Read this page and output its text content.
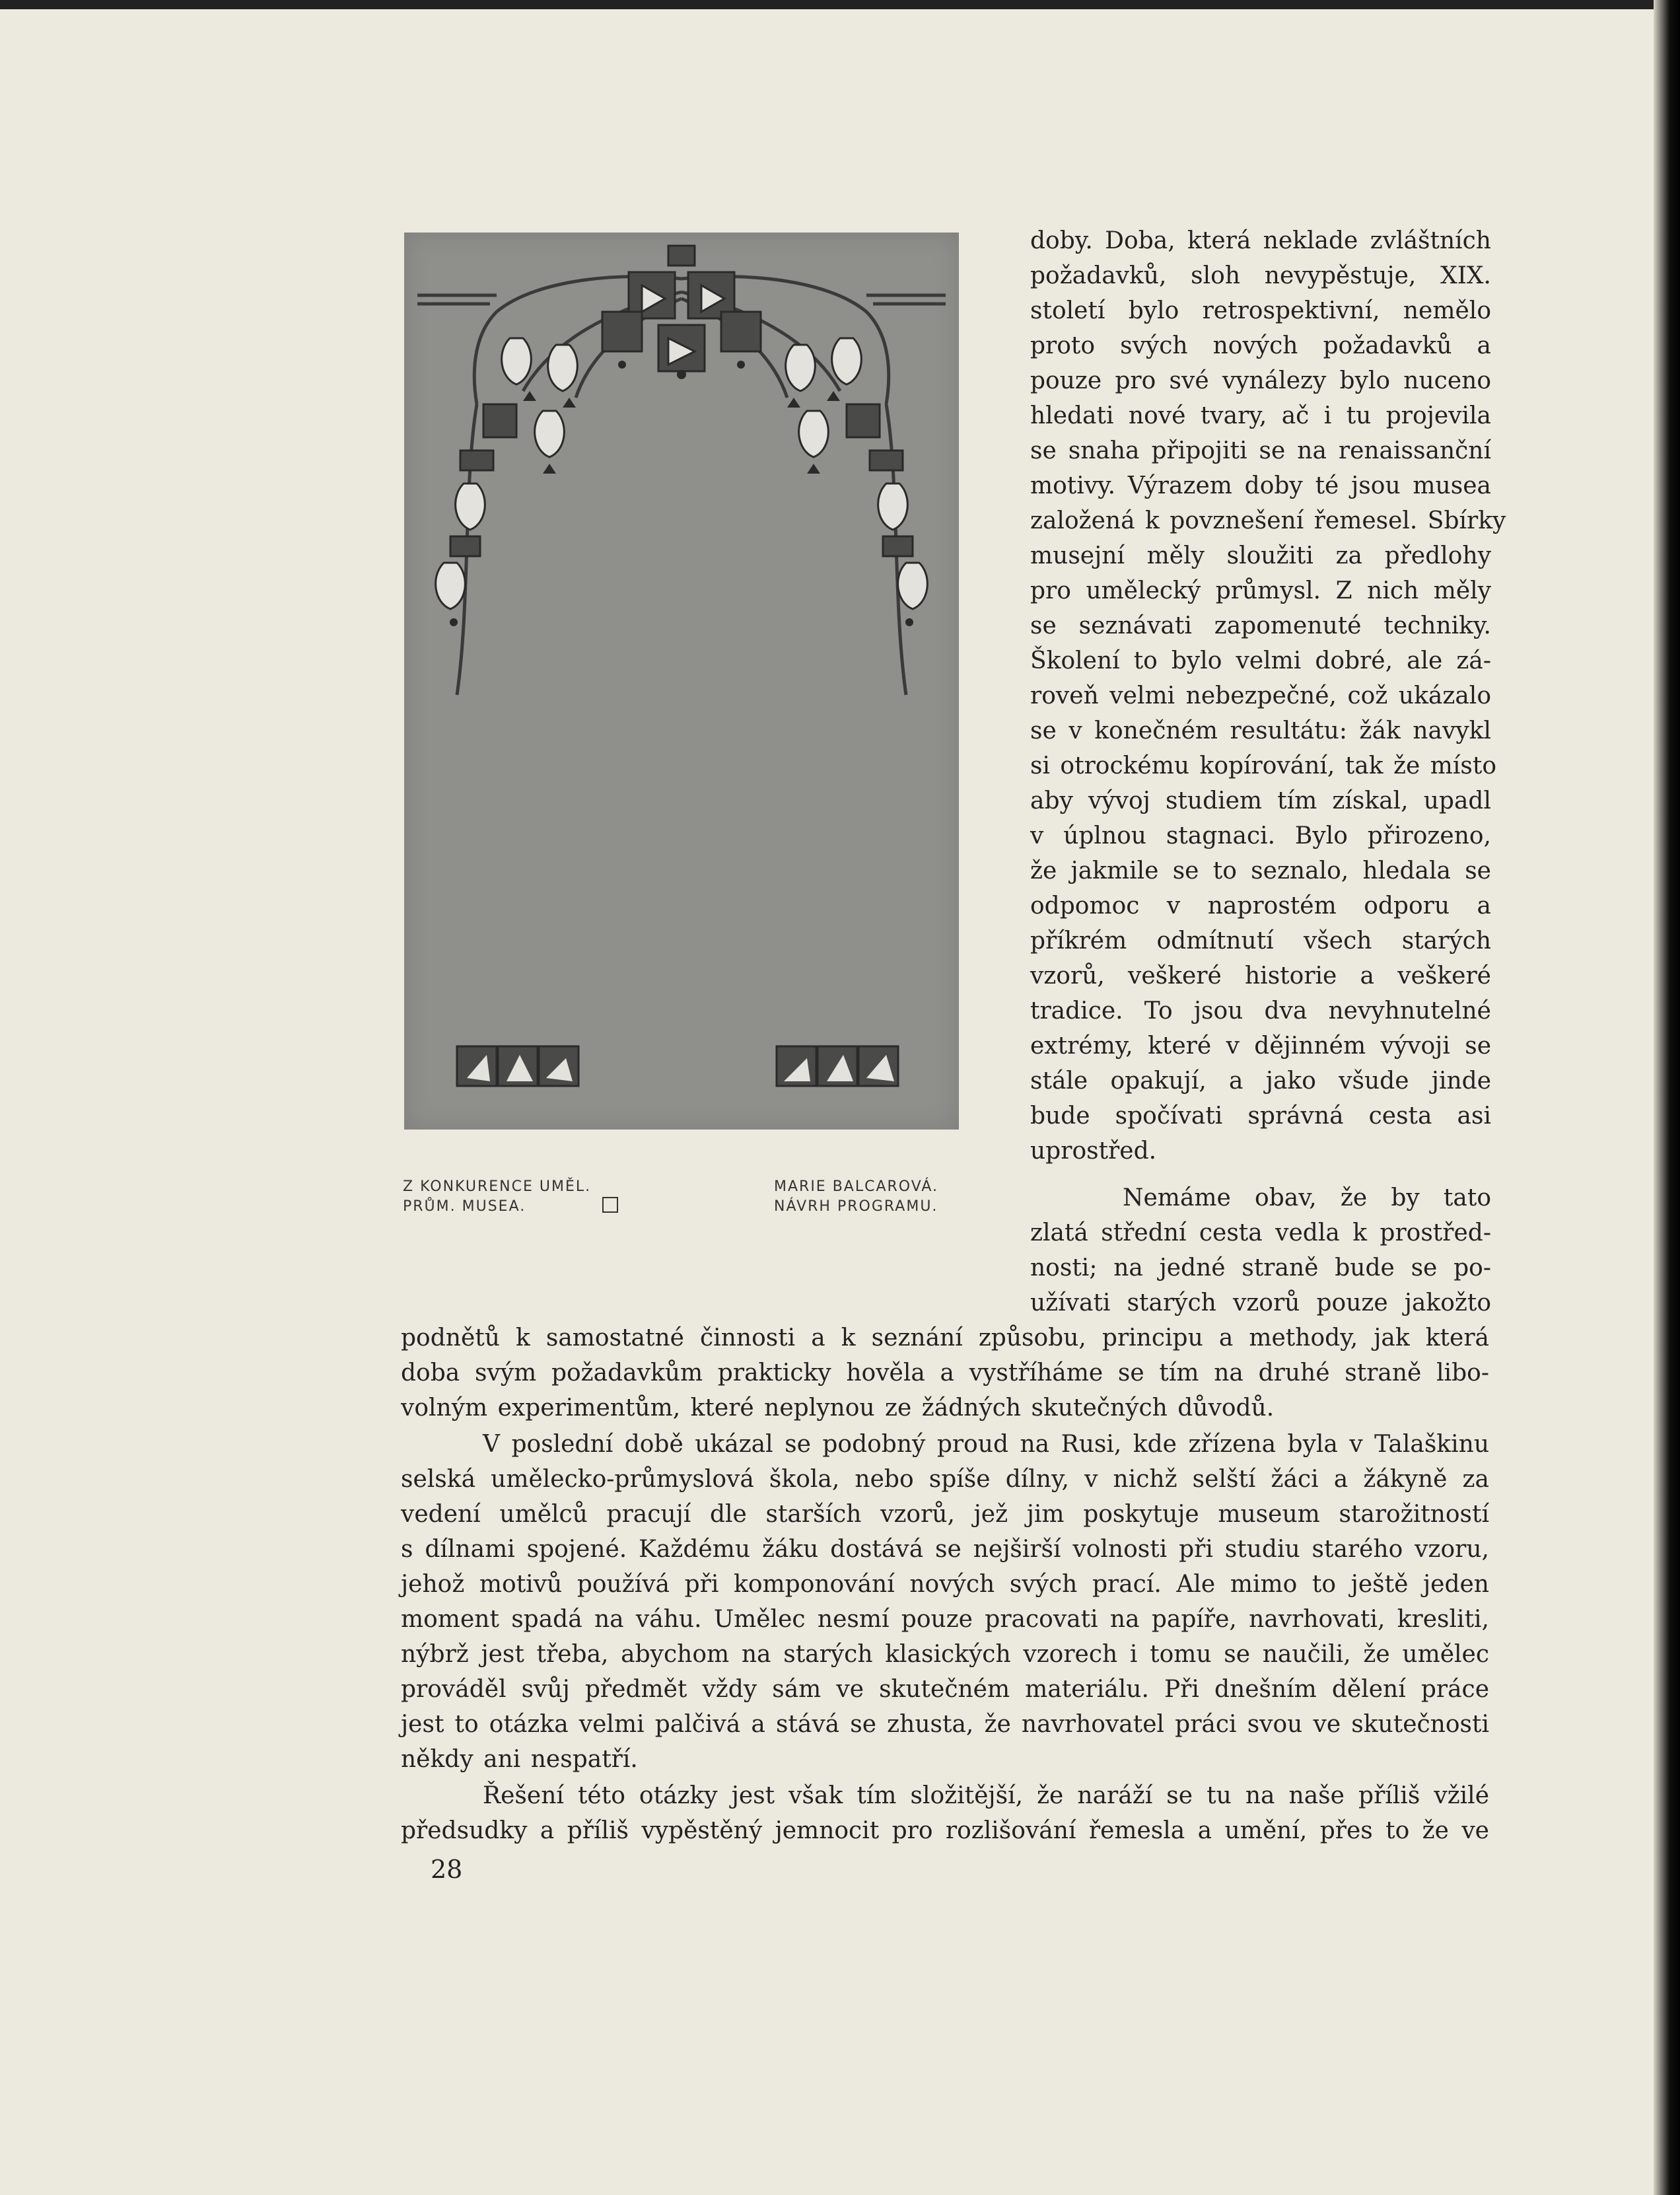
Z KONKURENCE UMĚL.
PRŮM. MUSEA.
MARIE BALCAROVÁ.
NÁVRH PROGRAMU.
doby. Doba, která neklade zvláštních
požadavků, sloh nevypěstuje, XIX.
století bylo retrospektivní, nemělo
proto svých nových požadavků a
pouze pro své vynálezy bylo nuceno
hledati nové tvary, ač i tu projevila
se snaha připojiti se na renaissanční
motivy. Výrazem doby té jsou musea
založená k povznešení řemesel. Sbírky
musejní měly sloužiti za předlohy
pro umělecký průmysl. Z nich měly
se seznávati zapomenuté techniky.
Školení to bylo velmi dobré, ale zá-
roveň velmi nebezpečné, což ukázalo
se v konečném resultátu: žák navykl
si otrockému kopírování, tak že místo
aby vývoj studiem tím získal, upadl
v úplnou stagnaci. Bylo přirozeno,
že jakmile se to seznalo, hledala se
odpomoc v naprostém odporu a
příkrém odmítnutí všech starých
vzorů, veškeré historie a veškeré
tradice. To jsou dva nevyhnutelné
extrémy, které v dějinném vývoji se
stále opakují, a jako všude jinde
bude spočívati správná cesta asi
uprostřed.
Nemáme obav, že by tato
zlatá střední cesta vedla k prostřed-
nosti; na jedné straně bude se po-
užívati starých vzorů pouze jakožto
podnětů k samostatné činnosti a k seznání způsobu, principu a methody, jak která
doba svým požadavkům prakticky hověla a vystříháme se tím na druhé straně libo-
volným experimentům, které neplynou ze žádných skutečných důvodů.
V poslední době ukázal se podobný proud na Rusi, kde zřízena byla v Talaškinu
selská umělecko-průmyslová škola, nebo spíše dílny, v nichž selští žáci a žákyně za
vedení umělců pracují dle starších vzorů, jež jim poskytuje museum starožitností
s dílnami spojené. Každému žáku dostává se nejširší volnosti při studiu starého vzoru,
jehož motivů používá při komponování nových svých prací. Ale mimo to ještě jeden
moment spadá na váhu. Umělec nesmí pouze pracovati na papíře, navrhovati, kresliti,
nýbrž jest třeba, abychom na starých klasických vzorech i tomu se naučili, že umělec
prováděl svůj předmět vždy sám ve skutečném materiálu. Při dnešním dělení práce
jest to otázka velmi palčivá a stává se zhusta, že navrhovatel práci svou ve skutečnosti
někdy ani nespatří.
Řešení této otázky jest však tím složitější, že naráží se tu na naše příliš vžilé
předsudky a příliš vypěstěný jemnocit pro rozlišování řemesla a umění, přes to že ve
28
